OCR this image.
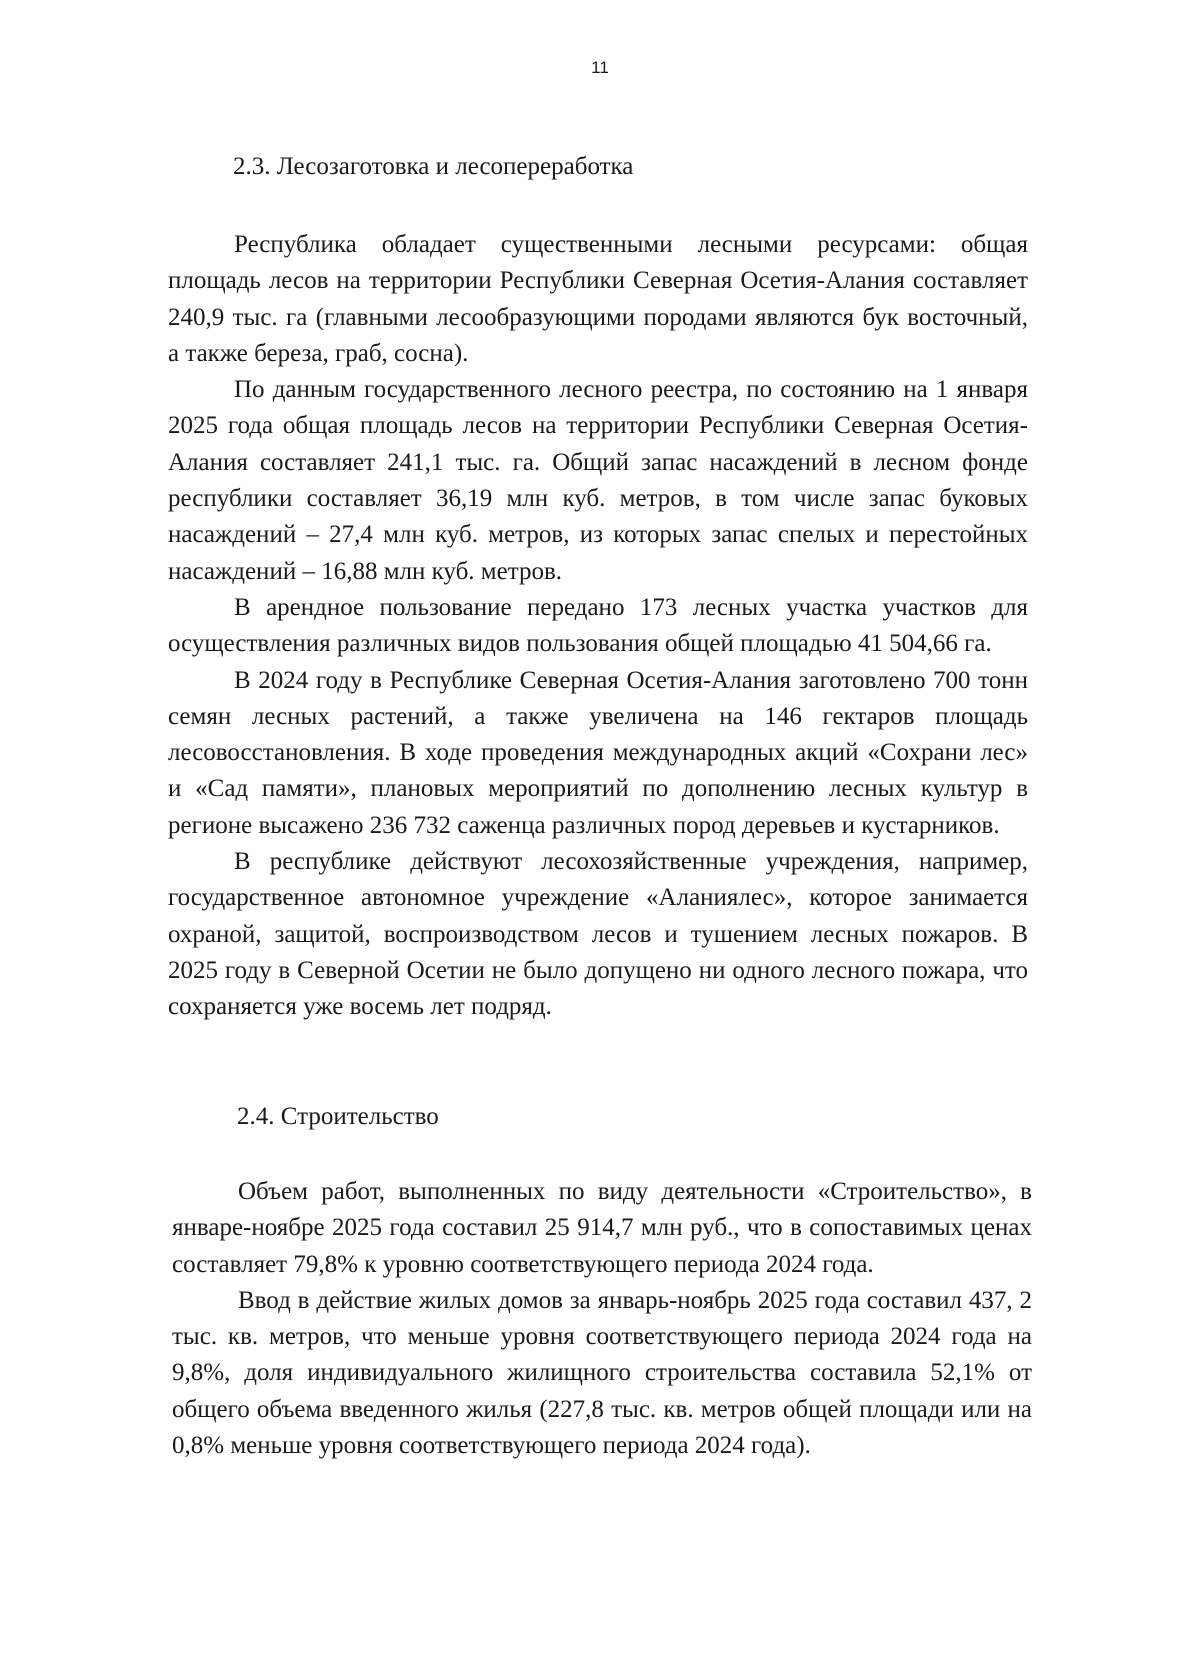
11
2.3. Лесозаготовка и лесопереработка

Республика обладает существенными лесными ресурсами: общая площадь лесов на территории Республики Северная Осетия-Алания составляет 240,9 тыс. га (главными лесообразующими породами являются бук восточный, а также береза, граб, сосна).

По данным государственного лесного реестра, по состоянию на 1 января 2025 года общая площадь лесов на территории Республики Северная Осетия-Алания составляет 241,1 тыс. га. Общий запас насаждений в лесном фонде республики составляет 36,19 млн куб. метров, в том числе запас буковых насаждений – 27,4 млн куб. метров, из которых запас спелых и перестойных насаждений – 16,88 млн куб. метров.

В арендное пользование передано 173 лесных участка участков для осуществления различных видов пользования общей площадью 41 504,66 га.

В 2024 году в Республике Северная Осетия-Алания заготовлено 700 тонн семян лесных растений, а также увеличена на 146 гектаров площадь лесовосстановления. В ходе проведения международных акций «Сохрани лес» и «Сад памяти», плановых мероприятий по дополнению лесных культур в регионе высажено 236 732 саженца различных пород деревьев и кустарников.

В республике действуют лесохозяйственные учреждения, например, государственное автономное учреждение «Аланиялес», которое занимается охраной, защитой, воспроизводством лесов и тушением лесных пожаров. В 2025 году в Северной Осетии не было допущено ни одного лесного пожара, что сохраняется уже восемь лет подряд.

2.4. Строительство

Объем работ, выполненных по виду деятельности «Строительство», в январе-ноябре 2025 года составил 25 914,7 млн руб., что в сопоставимых ценах составляет 79,8% к уровню соответствующего периода 2024 года.

Ввод в действие жилых домов за январь-ноябрь 2025 года составил 437, 2 тыс. кв. метров, что меньше уровня соответствующего периода 2024 года на 9,8%, доля индивидуального жилищного строительства составила 52,1% от общего объема введенного жилья (227,8 тыс. кв. метров общей площади или на 0,8% меньше уровня соответствующего периода 2024 года).
